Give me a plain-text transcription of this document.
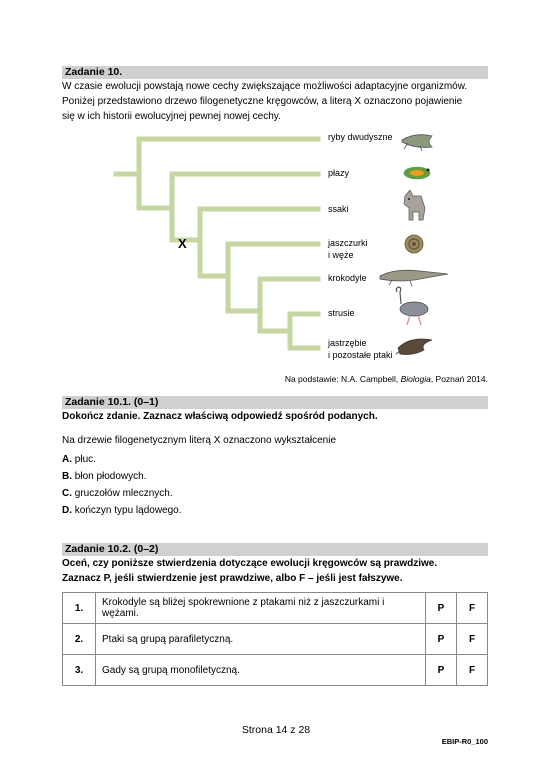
Zadanie 10.
W czasie ewolucji powstają nowe cechy zwiększające możliwości adaptacyjne organizmów.
Poniżej przedstawiono drzewo filogenetyczne kręgowców, a literą X oznaczono pojawienie
się w ich historii ewolucyjnej pewnej nowej cechy.
X
ryby dwudyszne
płazy
ssaki
jaszczurki
i węże
krokodyle
strusie
jastrzębie
i pozostałe ptaki
Na podstawie: N.A. Campbell, Biologia, Poznań 2014.
Zadanie 10.1. (0–1)
Dokończ zdanie. Zaznacz właściwą odpowiedź spośród podanych.
Na drzewie filogenetycznym literą X oznaczono wykształcenie
A. płuc.
B. błon płodowych.
C. gruczołów mlecznych.
D. kończyn typu lądowego.
Zadanie 10.2. (0–2)
Oceń, czy poniższe stwierdzenia dotyczące ewolucji kręgowców są prawdziwe.
Zaznacz P, jeśli stwierdzenie jest prawdziwe, albo F – jeśli jest fałszywe.
1.	Krokodyle są bliżej spokrewnione z ptakami niż z jaszczurkami i wężami.	P	F
2.	Ptaki są grupą parafiletyczną.	P	F
3.	Gady są grupą monofiletyczną.	P	F
Strona 14 z 28
EBIP-R0_100
